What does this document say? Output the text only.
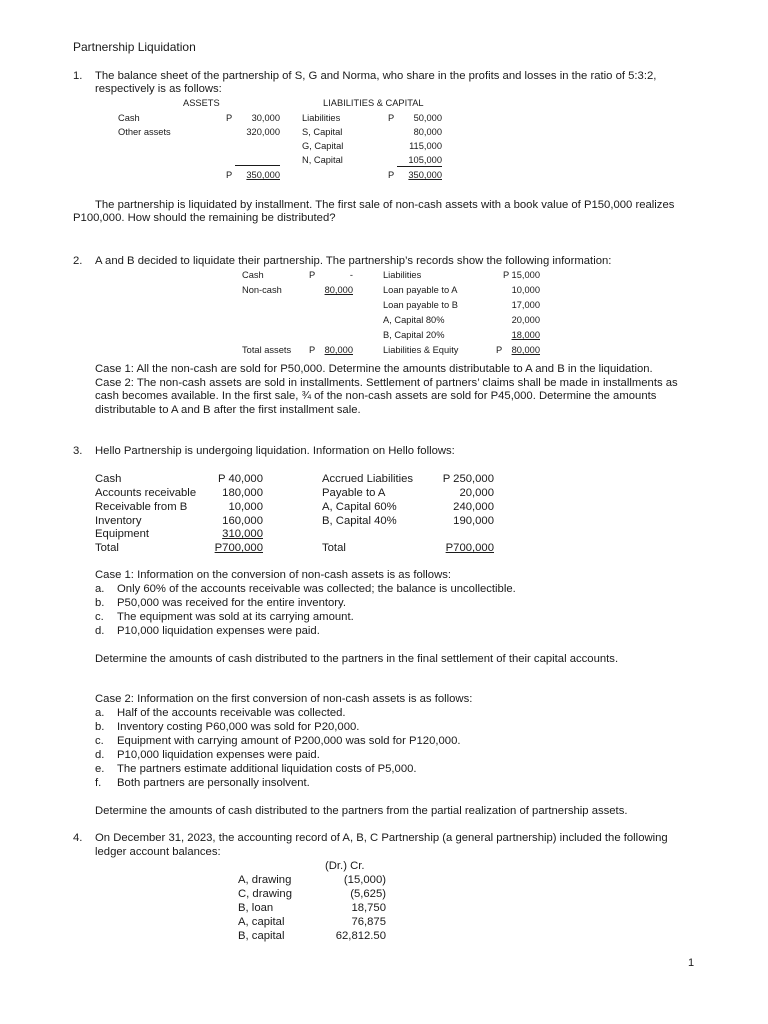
Partnership Liquidation
1. The balance sheet of the partnership of S, G and Norma, who share in the profits and losses in the ratio of 5:3:2,
respectively is as follows:
ASSETS	LIABILITIES & CAPITAL
Cash	P	30,000
Other assets	320,000
P	350,000
Liabilities	P	50,000
S, Capital	80,000
G, Capital	115,000
N, Capital	105,000
P	350,000
The partnership is liquidated by installment. The first sale of non-cash assets with a book value of P150,000 realizes
P100,000. How should the remaining be distributed?
2. A and B decided to liquidate their partnership. The partnership’s records show the following information:
Cash	P	-
Non-cash	80,000
Total assets P	80,000
Liabilities	P 15,000
Loan payable to A	10,000
Loan payable to B	17,000
A, Capital 80%	20,000
B, Capital 20%	18,000
Liabilities & Equity	P	80,000
Case 1: All the non-cash are sold for P50,000. Determine the amounts distributable to A and B in the liquidation.
Case 2: The non-cash assets are sold in installments. Settlement of partners’ claims shall be made in installments as
cash becomes available. In the first sale, ¾ of the non-cash assets are sold for P45,000. Determine the amounts
distributable to A and B after the first installment sale.
3. Hello Partnership is undergoing liquidation. Information on Hello follows:
Cash	P 40,000
Accounts receivable	180,000
Receivable from B	10,000
Inventory	160,000
Equipment	310,000
Total	P700,000
Accrued Liabilities	P 250,000
Payable to A	20,000
A, Capital 60%	240,000
B, Capital 40%	190,000
Total	P700,000
Case 1: Information on the conversion of non-cash assets is as follows:
a. Only 60% of the accounts receivable was collected; the balance is uncollectible.
b. P50,000 was received for the entire inventory.
c. The equipment was sold at its carrying amount.
d. P10,000 liquidation expenses were paid.
Determine the amounts of cash distributed to the partners in the final settlement of their capital accounts.
Case 2: Information on the first conversion of non-cash assets is as follows:
a. Half of the accounts receivable was collected.
b. Inventory costing P60,000 was sold for P20,000.
c. Equipment with carrying amount of P200,000 was sold for P120,000.
d. P10,000 liquidation expenses were paid.
e. The partners estimate additional liquidation costs of P5,000.
f. Both partners are personally insolvent.
Determine the amounts of cash distributed to the partners from the partial realization of partnership assets.
4. On December 31, 2023, the accounting record of A, B, C Partnership (a general partnership) included the following
ledger account balances:
(Dr.) Cr.
A, drawing	(15,000)
C, drawing	(5,625)
B, loan	18,750
A, capital	76,875
B, capital	62,812.50
1
